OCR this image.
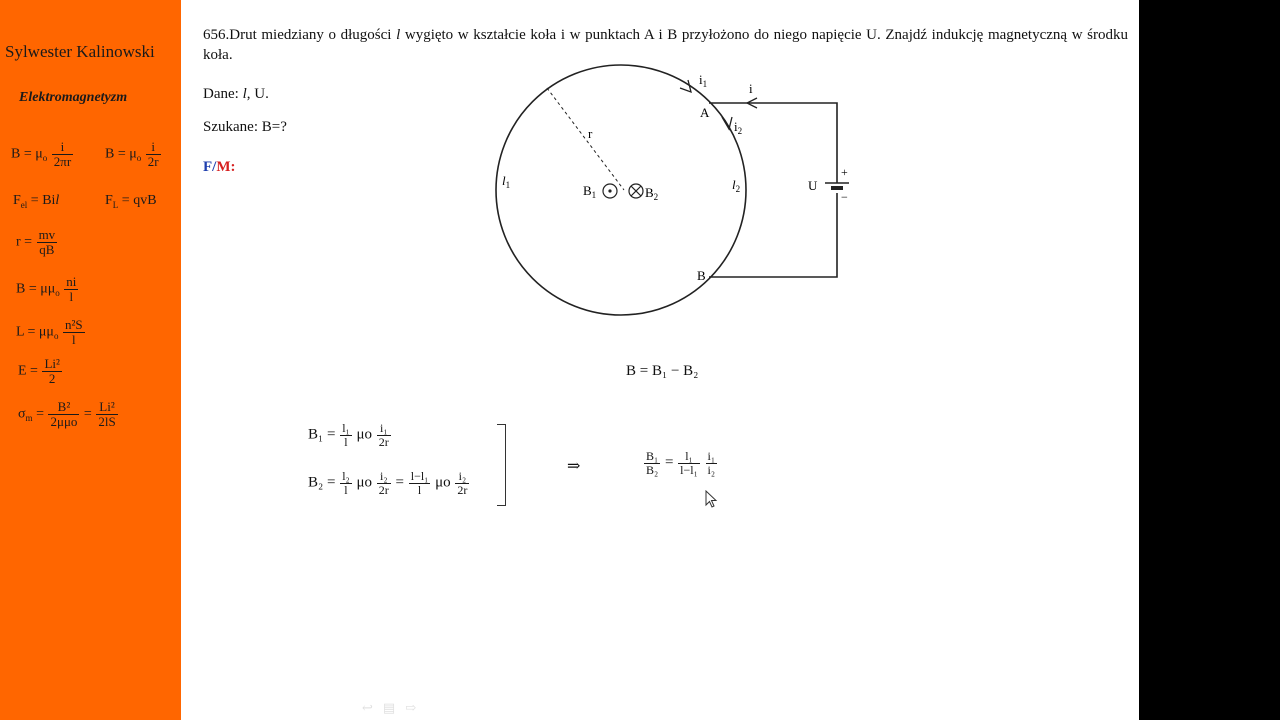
Sylwester Kalinowski
Elektromagnetyzm
$B = \mu_o \frac{i}{2\pi r}$ $B = \mu_o \frac{i}{2r}$
$F_{el}$ = Bil	$F_L$ = qvB
$r = \frac{mv}{qB}$
$B = \mu\mu_o \frac{ni}{l}$
$L = \mu\mu_o \frac{\text{n²S}}{l}$
$E = \frac{\text{Li²}}{2}$
$\sigma_m = \frac{\text{B²}}{\text{2μμo}} = \frac{\text{Li²}}{2lS}$
656.Drut miedziany o długości l wygięto w kształcie koła i w punktach A i B przyłożono do niego napięcie U. Znajdź indukcję magnetyczną w środku koła.
Dane: l, U.
Szukane: B=?
F/M:
$i_1$	i
A
$i_2$
r
$l_1$	$l_2$
$B_1$	$B_2$
U
+
−
B
B = B₁ − B₂
$B_1 = \frac{\text{l₁}}{l}$ μo $\frac{\text{i₁}}{2r}$
$B_2 = \frac{\text{l₂}}{l}$ μo $\frac{\text{i₂}}{2r} = \frac{\text{l−l₁}}{l}$ μo $\frac{\text{i₂}}{2r}$
⇒	$\frac{\text{B₁}}{\text{B₂}} = \frac{\text{l₁}}{\text{l−l₁}}$
$\frac{\text{i₁}}{\text{i₂}}$
↩▤⇨
